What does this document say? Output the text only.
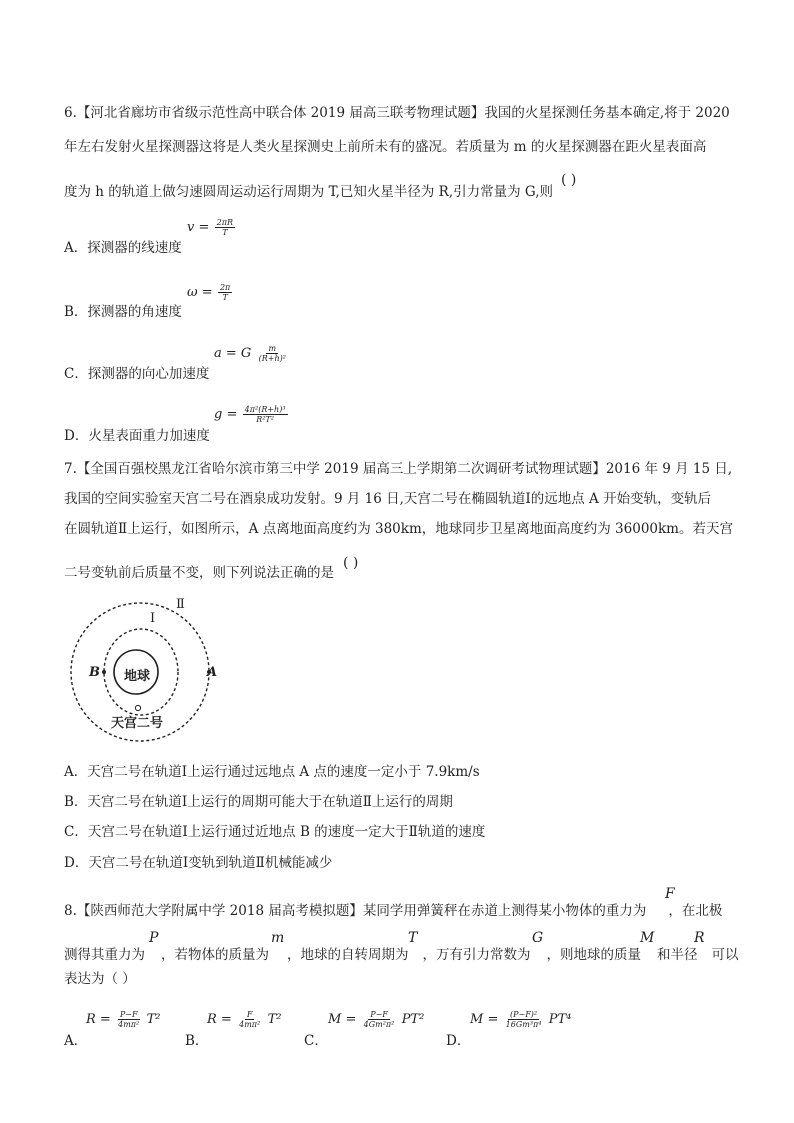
6.【河北省廊坊市省级示范性高中联合体 2019 届高三联考物理试题】我国的火星探测任务基本确定,将于 2020
年左右发射火星探测器这将是人类火星探测史上前所未有的盛况。若质量为 m 的火星探测器在距火星表面高
度为 h 的轨道上做匀速圆周运动运行周期为 T,已知火星半径为 R,引力常量为 G,则
( )
A．探测器的线速度
$v = \frac{2\pi R}{T}$
B．探测器的角速度
$\omega = \frac{2\pi}{T}$
C．探测器的向心加速度
a = G $\frac{m}{\text{(R+h)²}}$
D．火星表面重力加速度
$g = \frac{\text{4π²(R+h)³}}{\text{R²T²}}$
7.【全国百强校黑龙江省哈尔滨市第三中学 2019 届高三上学期第二次调研考试物理试题】2016 年 9 月 15 日,
我国的空间实验室天宫二号在酒泉成功发射。9 月 16 日,天宫二号在椭圆轨道Ⅰ的远地点 A 开始变轨，变轨后
在圆轨道Ⅱ上运行，如图所示，A 点离地面高度约为 380km，地球同步卫星离地面高度约为 36000km。若天宫
二号变轨前后质量不变，则下列说法正确的是
( )
地球
B	A
Ⅰ
Ⅱ
天宫二号
A．天宫二号在轨道Ⅰ上运行通过远地点 A 点的速度一定小于 7.9km/s
B．天宫二号在轨道Ⅰ上运行的周期可能大于在轨道Ⅱ上运行的周期
C．天宫二号在轨道Ⅰ上运行通过近地点 B 的速度一定大于Ⅱ轨道的速度
D．天宫二号在轨道Ⅰ变轨到轨道Ⅱ机械能减少
8.【陕西师范大学附属中学 2018 届高考模拟题】某同学用弹簧秤在赤道上测得某小物体的重力为 ，在北极
F
测得其重力为 ，若物体的质量为 ，地球的自转周期为 ，万有引力常数为 ，则地球的质量 和半径 可以
P	m	T	G	M	R
表达为（ ）
A．
$R = \frac{P-F}{\text{4mπ²}} T^2$
B．
$R = \frac{F}{\text{4mπ²}} T^2$
C．
$M = \frac{P-F}{\text{4Gm²π²}} PT^2$
D．
$M = \frac{\text{(P−F)²}}{\text{16Gm³π⁴}} PT^4$
